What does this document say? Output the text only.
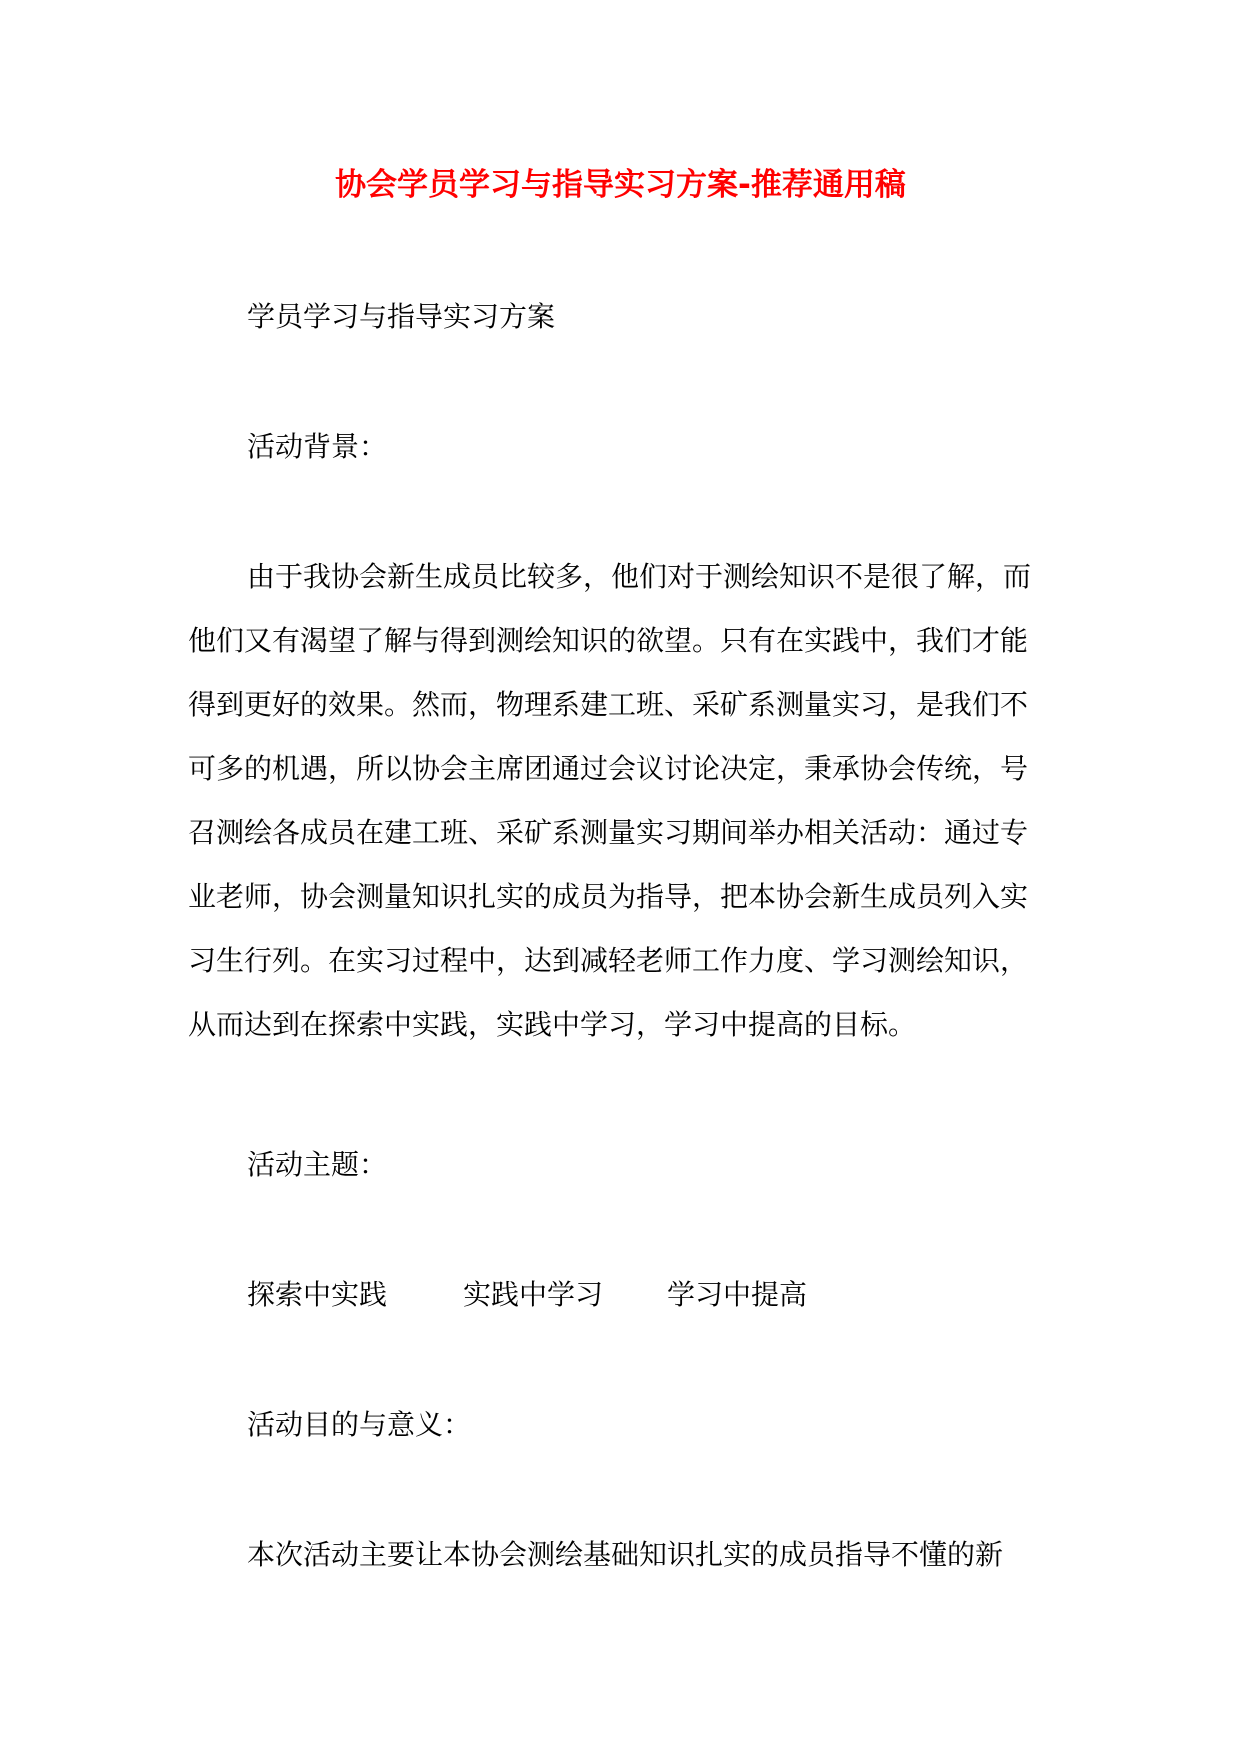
协会学员学习与指导实习方案-推荐通用稿
学员学习与指导实习方案
活动背景：
由于我协会新生成员比较多，他们对于测绘知识不是很了解，而
他们又有渴望了解与得到测绘知识的欲望。只有在实践中，我们才能
得到更好的效果。然而，物理系建工班、采矿系测量实习，是我们不
可多的机遇，所以协会主席团通过会议讨论决定，秉承协会传统，号
召测绘各成员在建工班、采矿系测量实习期间举办相关活动：通过专
业老师，协会测量知识扎实的成员为指导，把本协会新生成员列入实
习生行列。在实习过程中，达到减轻老师工作力度、学习测绘知识，
从而达到在探索中实践，实践中学习，学习中提高的目标。
活动主题：
探索中实践	实践中学习 学习中提高
活动目的与意义：
本次活动主要让本协会测绘基础知识扎实的成员指导不懂的新
